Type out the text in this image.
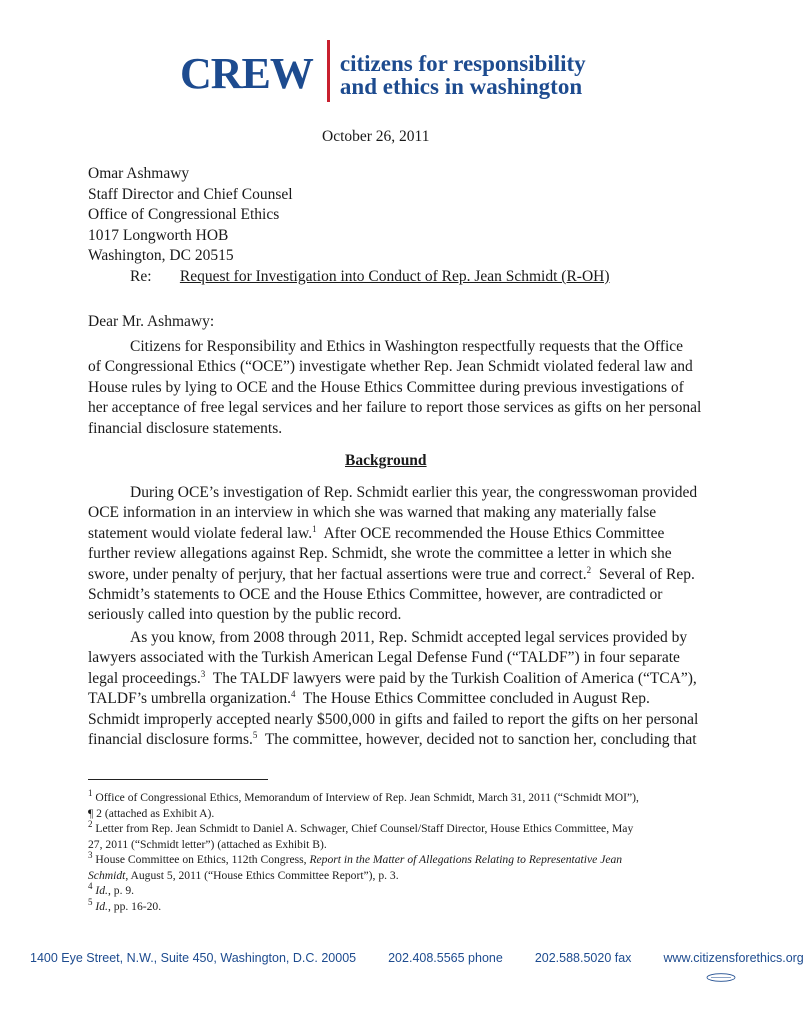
CREW citizens for responsibility
and ethics in washington
October 26, 2011
Omar Ashmawy
Staff Director and Chief Counsel
Office of Congressional Ethics
1017 Longworth HOB
Washington, DC 20515
Re: Request for Investigation into Conduct of Rep. Jean Schmidt (R-OH)
Dear Mr. Ashmawy:
Citizens for Responsibility and Ethics in Washington respectfully requests that the Office
of Congressional Ethics (“OCE”) investigate whether Rep. Jean Schmidt violated federal law and
House rules by lying to OCE and the House Ethics Committee during previous investigations of
her acceptance of free legal services and her failure to report those services as gifts on her personal
financial disclosure statements.
Background
During OCE’s investigation of Rep. Schmidt earlier this year, the congresswoman provided
OCE information in an interview in which she was warned that making any materially false
statement would violate federal law.$^1$  After OCE recommended the House Ethics Committee
further review allegations against Rep. Schmidt, she wrote the committee a letter in which she
swore, under penalty of perjury, that her factual assertions were true and correct.$^2$  Several of Rep.
Schmidt’s statements to OCE and the House Ethics Committee, however, are contradicted or
seriously called into question by the public record.
As you know, from 2008 through 2011, Rep. Schmidt accepted legal services provided by
lawyers associated with the Turkish American Legal Defense Fund (“TALDF”) in four separate
legal proceedings.$^3$  The TALDF lawyers were paid by the Turkish Coalition of America (“TCA”),
TALDF’s umbrella organization.$^4$  The House Ethics Committee concluded in August Rep.
Schmidt improperly accepted nearly $500,000 in gifts and failed to report the gifts on her personal
financial disclosure forms.$^5$  The committee, however, decided not to sanction her, concluding that
$^1$ Office of Congressional Ethics, Memorandum of Interview of Rep. Jean Schmidt, March 31, 2011 (“Schmidt MOI”),
¶ 2 (attached as Exhibit A).
$^2$ Letter from Rep. Jean Schmidt to Daniel A. Schwager, Chief Counsel/Staff Director, House Ethics Committee, May
27, 2011 (“Schmidt letter”) (attached as Exhibit B).
$^3$ House Committee on Ethics, 112th Congress, Report in the Matter of Allegations Relating to Representative Jean
Schmidt, August 5, 2011 (“House Ethics Committee Report”), p. 3.
$^4$ Id., p. 9.
$^5$ Id., pp. 16-20.
1400 Eye Street, N.W., Suite 450, Washington, D.C. 20005	202.408.5565 phone	202.588.5020 fax	www.citizensforethics.org
